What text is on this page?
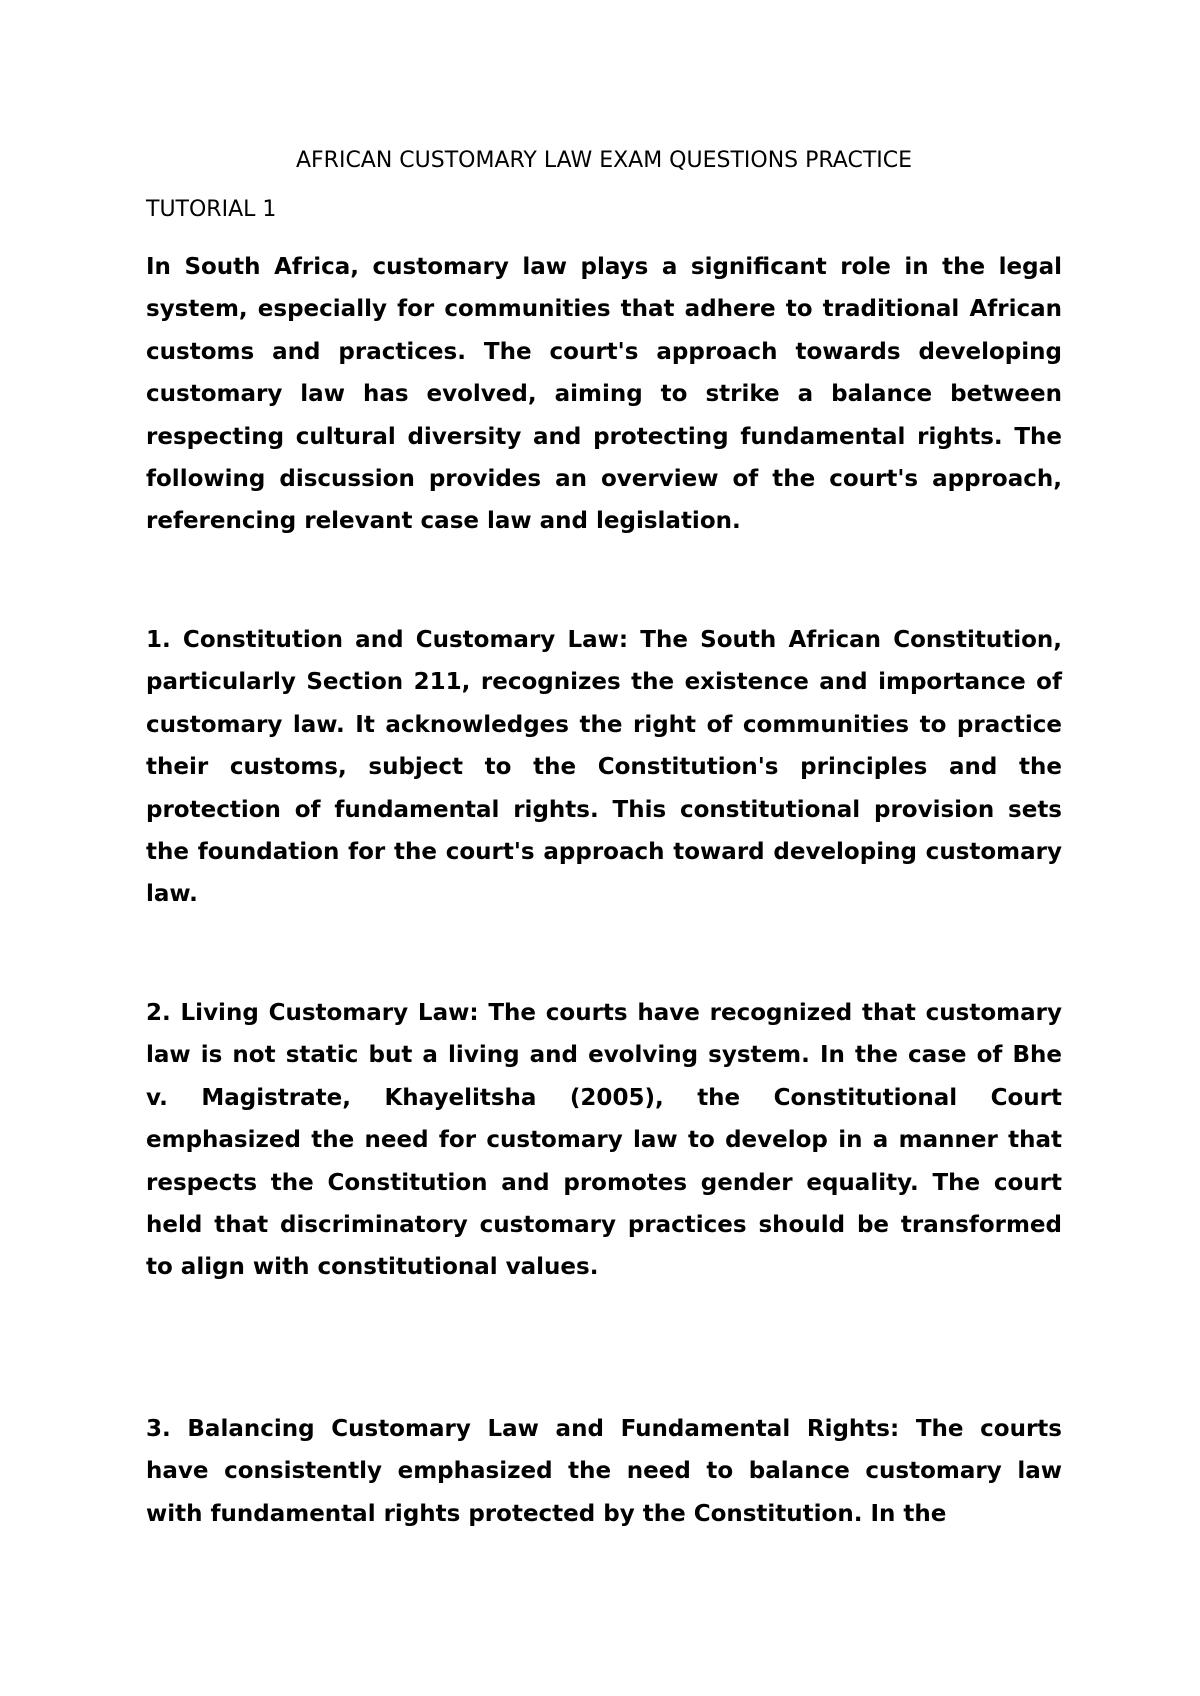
AFRICAN CUSTOMARY LAW EXAM QUESTIONS PRACTICE
TUTORIAL 1

In South Africa, customary law plays a significant role in the legal system, especially for communities that adhere to traditional African customs and practices. The court's approach towards developing customary law has evolved, aiming to strike a balance between respecting cultural diversity and protecting fundamental rights. The following discussion provides an overview of the court's approach, referencing relevant case law and legislation.

1. Constitution and Customary Law: The South African Constitution, particularly Section 211, recognizes the existence and importance of customary law. It acknowledges the right of communities to practice their customs, subject to the Constitution's principles and the protection of fundamental rights. This constitutional provision sets the foundation for the court's approach toward developing customary law.

2. Living Customary Law: The courts have recognized that customary law is not static but a living and evolving system. In the case of Bhe v. Magistrate, Khayelitsha (2005), the Constitutional Court emphasized the need for customary law to develop in a manner that respects the Constitution and promotes gender equality. The court held that discriminatory customary practices should be transformed to align with constitutional values.

3. Balancing Customary Law and Fundamental Rights: The courts have consistently emphasized the need to balance customary law with fundamental rights protected by the Constitution. In the
